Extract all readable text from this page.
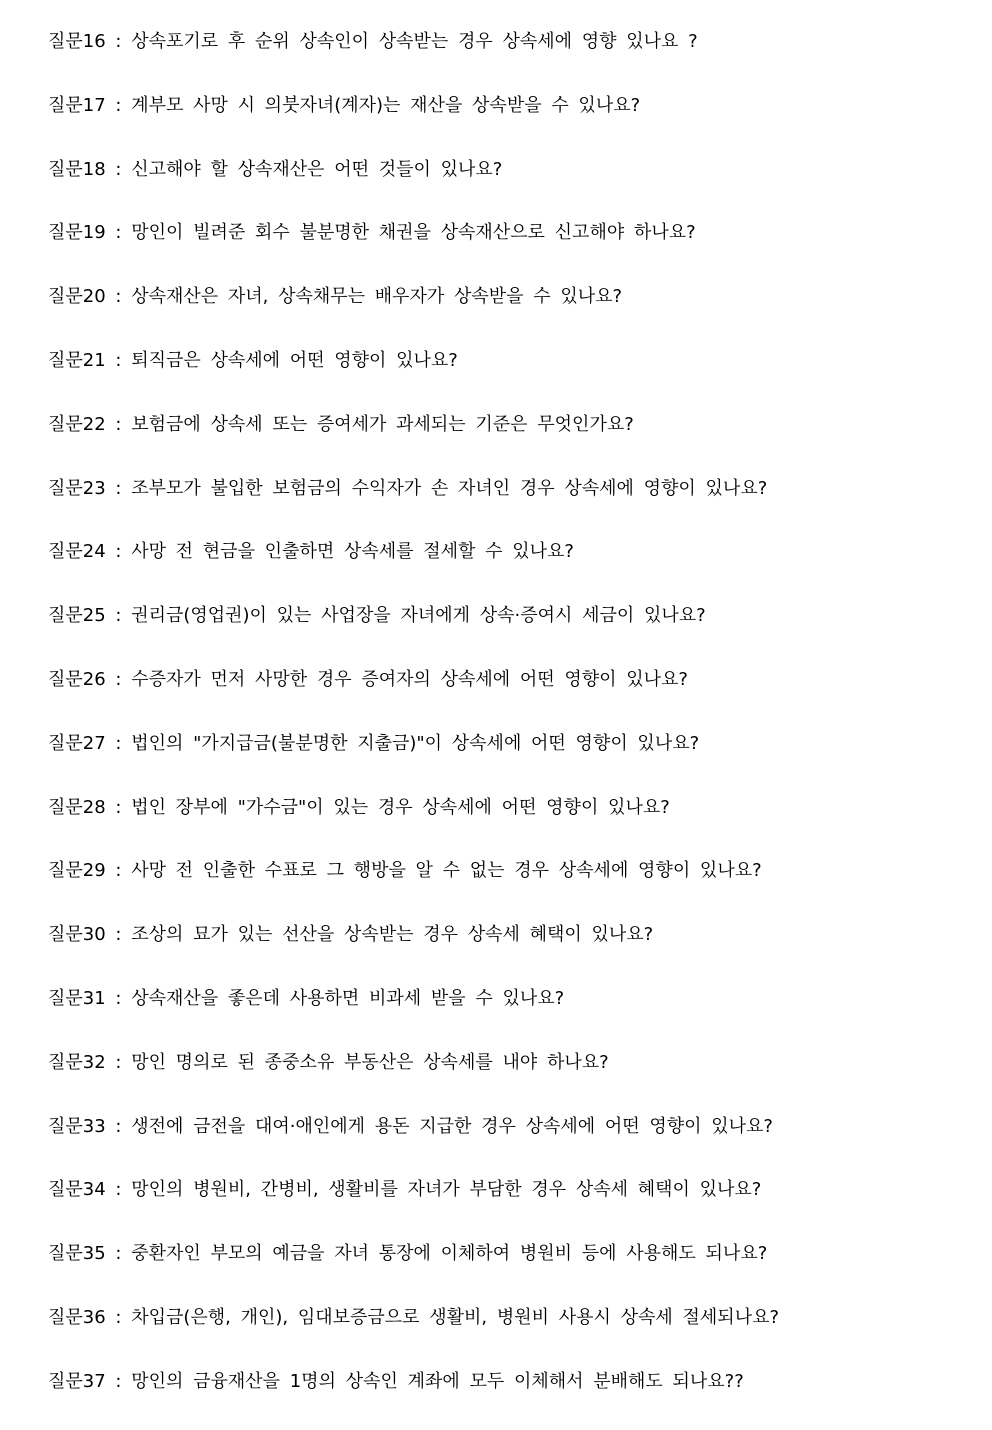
질문16 : 상속포기로 후 순위 상속인이 상속받는 경우 상속세에 영향 있나요 ?
질문17 : 계부모 사망 시 의붓자녀(계자)는 재산을 상속받을 수 있나요?
질문18 : 신고해야 할 상속재산은 어떤 것들이 있나요?
질문19 : 망인이 빌려준 회수 불분명한 채권을 상속재산으로 신고해야 하나요?
질문20 : 상속재산은 자녀, 상속채무는 배우자가 상속받을 수 있나요?
질문21 : 퇴직금은 상속세에 어떤 영향이 있나요?
질문22 : 보험금에 상속세 또는 증여세가 과세되는 기준은 무엇인가요?
질문23 : 조부모가 불입한 보험금의 수익자가 손 자녀인 경우 상속세에 영향이 있나요?
질문24 : 사망 전 현금을 인출하면 상속세를 절세할 수 있나요?
질문25 : 권리금(영업권)이 있는 사업장을 자녀에게 상속·증여시 세금이 있나요?
질문26 : 수증자가 먼저 사망한 경우 증여자의 상속세에 어떤 영향이 있나요?
질문27 : 법인의 "가지급금(불분명한 지출금)"이 상속세에 어떤 영향이 있나요?
질문28 : 법인 장부에 "가수금"이 있는 경우 상속세에 어떤 영향이 있나요?
질문29 : 사망 전 인출한 수표로 그 행방을 알 수 없는 경우 상속세에 영향이 있나요?
질문30 : 조상의 묘가 있는 선산을 상속받는 경우 상속세 혜택이 있나요?
질문31 : 상속재산을 좋은데 사용하면 비과세 받을 수 있나요?
질문32 : 망인 명의로 된 종중소유 부동산은 상속세를 내야 하나요?
질문33 : 생전에 금전을 대여·애인에게 용돈 지급한 경우 상속세에 어떤 영향이 있나요?
질문34 : 망인의 병원비, 간병비, 생활비를 자녀가 부담한 경우 상속세 혜택이 있나요?
질문35 : 중환자인 부모의 예금을 자녀 통장에 이체하여 병원비 등에 사용해도 되나요?
질문36 : 차입금(은행, 개인), 임대보증금으로 생활비, 병원비 사용시 상속세 절세되나요?
질문37 : 망인의 금융재산을 1명의 상속인 계좌에 모두 이체해서 분배해도 되나요??
